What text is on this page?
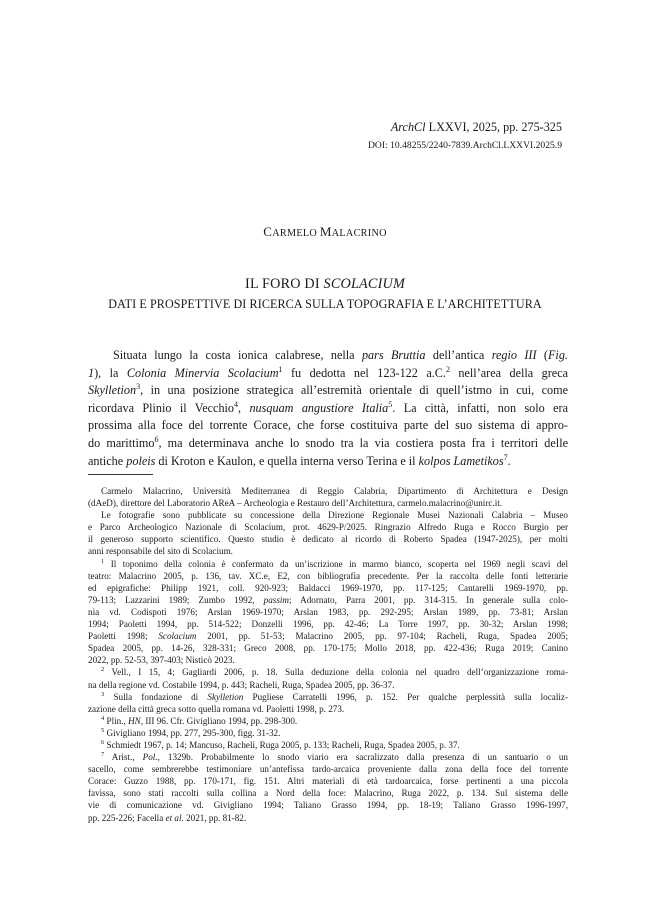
ArchCl LXXVI, 2025, pp. 275-325
DOI: 10.48255/2240-7839.ArchCl.LXXVI.2025.9
CARMELO MALACRINO
IL FORO DI SCOLACIUM
DATI E PROSPETTIVE DI RICERCA SULLA TOPOGRAFIA E L’ARCHITETTURA
Situata lungo la costa ionica calabrese, nella pars Bruttia dell’antica regio III (Fig.
1), la Colonia Minervia Scolacium$^1$ fu dedotta nel 123-122 a.C.$^2$ nell’area della greca
Skylletion$^3$, in una posizione strategica all’estremità orientale di quell’istmo in cui, come
ricordava Plinio il Vecchio$^4$, nusquam angustiore Italia$^5$. La città, infatti, non solo era
prossima alla foce del torrente Corace, che forse costituiva parte del suo sistema di appro-
do marittimo$^6$, ma determinava anche lo snodo tra la via costiera posta fra i territori delle
antiche poleis di Kroton e Kaulon, e quella interna verso Terina e il kolpos Lametikos$^7$.
Carmelo Malacrino, Università Mediterranea di Reggio Calabria, Dipartimento di Architettura e Design
(dAeD), direttore del Laboratorio AReA – Archeologia e Restauro dell’Architettura, carmelo.malacrino@unirc.it.
Le fotografie sono pubblicate su concessione della Direzione Regionale Musei Nazionali Calabria – Museo
e Parco Archeologico Nazionale di Scolacium, prot. 4629-P/2025. Ringrazio Alfredo Ruga e Rocco Burgio per
il generoso supporto scientifico. Questo studio è dedicato al ricordo di Roberto Spadea (1947-2025), per molti
anni responsabile del sito di Scolacium.
$^1$ Il toponimo della colonia è confermato da un’iscrizione in marmo bianco, scoperta nel 1969 negli scavi del
teatro: Malacrino 2005, p. 136, tav. XC.e, E2, con bibliografia precedente. Per la raccolta delle fonti letterarie
ed epigrafiche: Philipp 1921, coll. 920-923; Baldacci 1969-1970, pp. 117-125; Cantarelli 1969-1970, pp.
79-113; Lazzarini 1989; Zumbo 1992, passim; Adornato, Parra 2001, pp. 314-315. In generale sulla colo-
nia vd. Codispoti 1976; Arslan 1969-1970; Arslan 1983, pp. 292-295; Arslan 1989, pp. 73-81; Arslan
1994; Paoletti 1994, pp. 514-522; Donzelli 1996, pp. 42-46; La Torre 1997, pp. 30-32; Arslan 1998;
Paoletti 1998; Scolacium 2001, pp. 51-53; Malacrino 2005, pp. 97-104; Racheli, Ruga, Spadea 2005;
Spadea 2005, pp. 14-26, 328-331; Greco 2008, pp. 170-175; Mollo 2018, pp. 422-436; Ruga 2019; Canino
2022, pp. 52-53, 397-403; Nisticò 2023.
$^2$ Vell., I 15, 4; Gagliardi 2006, p. 18. Sulla deduzione della colonia nel quadro dell’organizzazione roma-
na della regione vd. Costabile 1994, p. 443; Racheli, Ruga, Spadea 2005, pp. 36-37.
$^3$ Sulla fondazione di Skylletion Pugliese Carratelli 1996, p. 152. Per qualche perplessità sulla localiz-
zazione della città greca sotto quella romana vd. Paoletti 1998, p. 273.
$^4$ Plin., HN, III 96. Cfr. Givigliano 1994, pp. 298-300.
$^5$ Givigliano 1994, pp. 277, 295-300, figg. 31-32.
$^6$ Schmiedt 1967, p. 14; Mancuso, Racheli, Ruga 2005, p. 133; Racheli, Ruga, Spadea 2005, p. 37.
$^7$ Arist., Pol., 1329b. Probabilmente lo snodo viario era sacralizzato dalla presenza di un santuario o un
sacello, come sembrerebbe testimoniare un’antefissa tardo-arcaica proveniente dalla zona della foce del torrente
Corace: Guzzo 1988, pp. 170-171, fig. 151. Altri materiali di età tardoarcaica, forse pertinenti a una piccola
favissa, sono stati raccolti sulla collina a Nord della foce: Malacrino, Ruga 2022, p. 134. Sul sistema delle
vie di comunicazione vd. Givigliano 1994; Taliano Grasso 1994, pp. 18-19; Taliano Grasso 1996-1997,
pp. 225-226; Facella et al. 2021, pp. 81-82.
